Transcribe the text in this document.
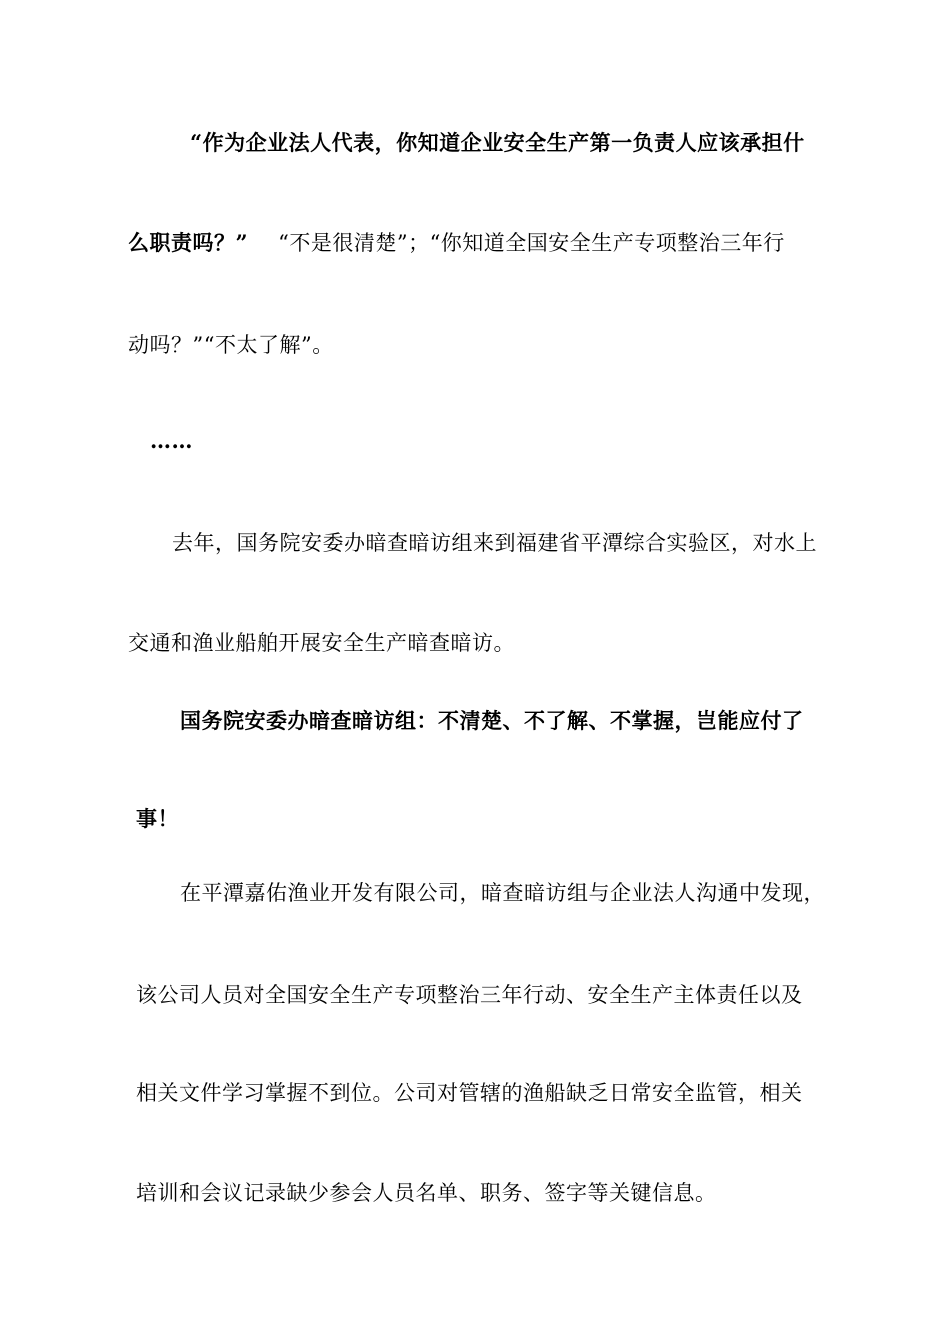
“作为企业法人代表，你知道企业安全生产第一负责人应该承担什
么职责吗？” “不是很清楚”；“你知道全国安全生产专项整治三年行
动吗？”“不太了解”。
……
去年，国务院安委办暗查暗访组来到福建省平潭综合实验区，对水上
交通和渔业船舶开展安全生产暗查暗访。
国务院安委办暗查暗访组：不清楚、不了解、不掌握，岂能应付了
事！
在平潭嘉佑渔业开发有限公司，暗查暗访组与企业法人沟通中发现，
该公司人员对全国安全生产专项整治三年行动、安全生产主体责任以及
相关文件学习掌握不到位。公司对管辖的渔船缺乏日常安全监管，相关
培训和会议记录缺少参会人员名单、职务、签字等关键信息。
